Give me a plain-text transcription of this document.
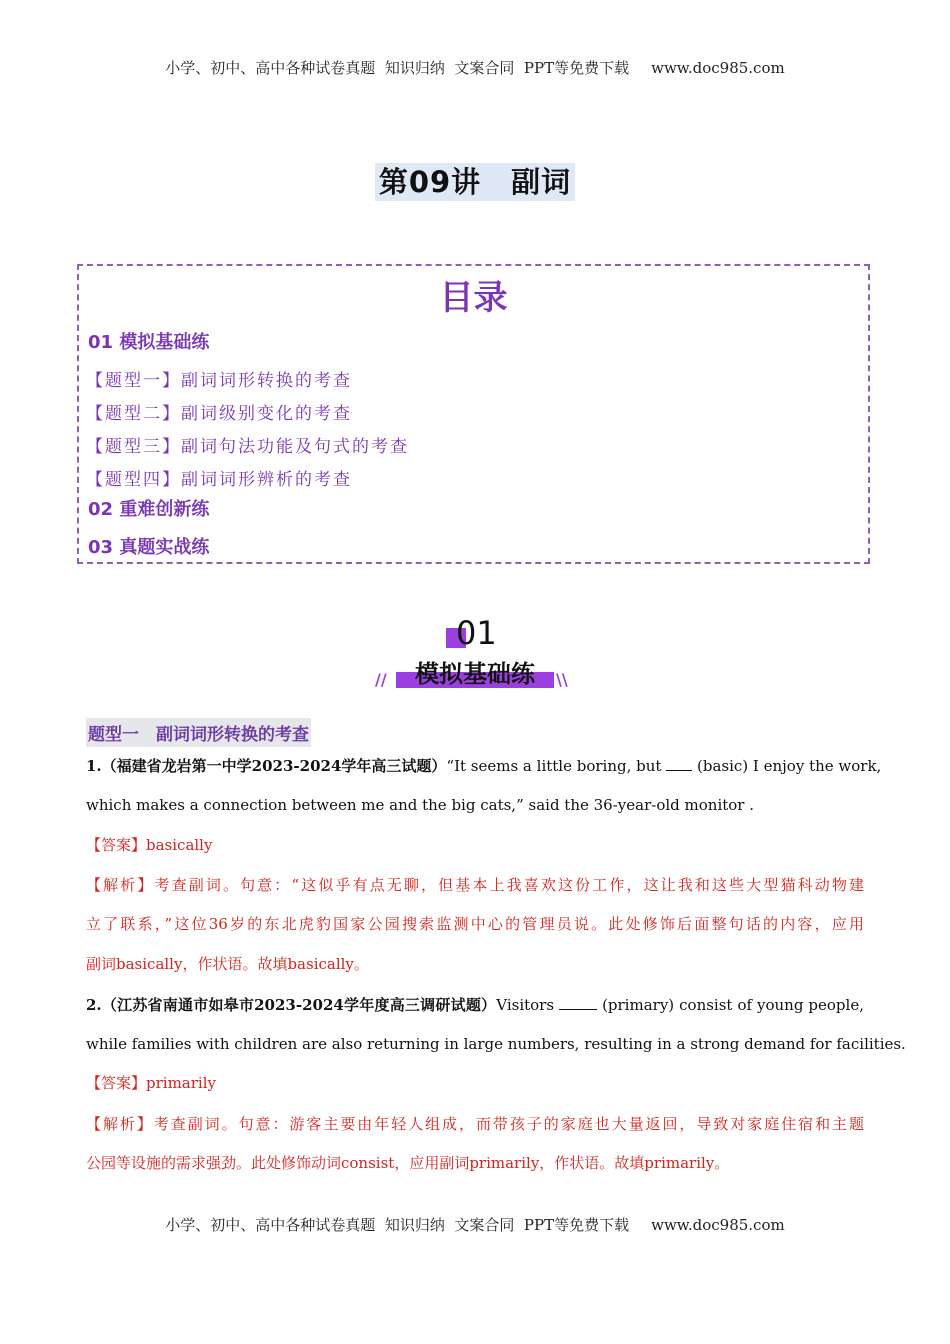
小学、初中、高中各种试卷真题  知识归纳  文案合同  PPT等免费下载 www.doc985.com
第09讲　副词
目录
01 模拟基础练
【题型一】副词词形转换的考查
【题型二】副词级别变化的考查
【题型三】副词句法功能及句式的考查
【题型四】副词词形辨析的考查
02 重难创新练
03 真题实战练
01
//	模拟基础练	\\
题型一　副词词形转换的考查
1.（福建省龙岩第一中学2023-2024学年高三试题）“It seems a little boring, but (basic) I enjoy the work,
which makes a connection between me and the big cats,” said the 36-year-old monitor .
【答案】basically
【解析】考查副词。句意：“这似乎有点无聊，但基本上我喜欢这份工作，这让我和这些大型猫科动物建
立了联系，”这位36岁的东北虎豹国家公园搜索监测中心的管理员说。此处修饰后面整句话的内容，应用
副词basically，作状语。故填basically。
2.（江苏省南通市如皋市2023-2024学年度高三调研试题）Visitors	(primary) consist of young people,
while families with children are also returning in large numbers, resulting in a strong demand for facilities.
【答案】primarily
【解析】考查副词。句意：游客主要由年轻人组成，而带孩子的家庭也大量返回，导致对家庭住宿和主题
公园等设施的需求强劲。此处修饰动词consist，应用副词primarily，作状语。故填primarily。
小学、初中、高中各种试卷真题  知识归纳  文案合同  PPT等免费下载 www.doc985.com
